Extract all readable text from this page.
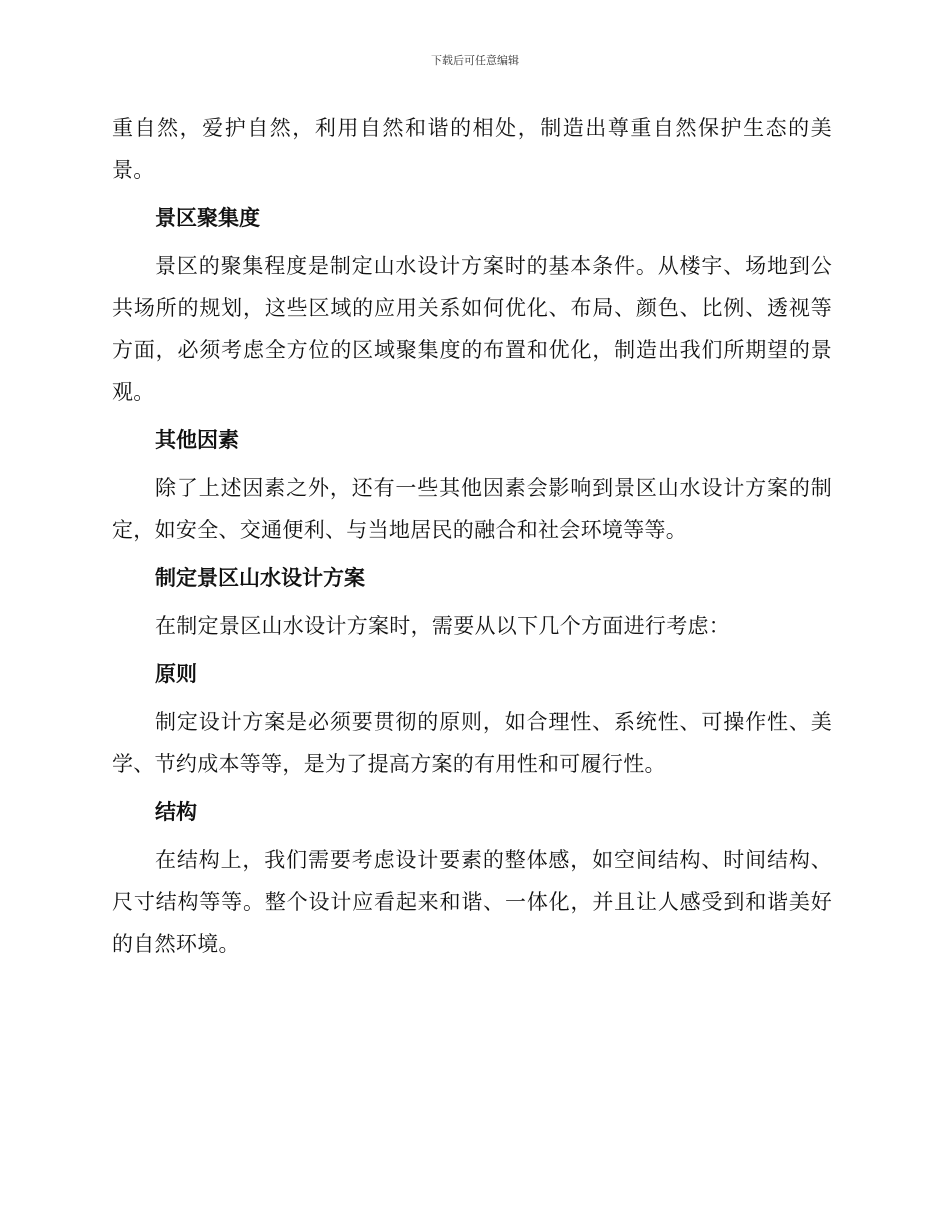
下载后可任意编辑

重自然，爱护自然，利用自然和谐的相处，制造出尊重自然保护生态的美景。

景区聚集度

景区的聚集程度是制定山水设计方案时的基本条件。从楼宇、场地到公共场所的规划，这些区域的应用关系如何优化、布局、颜色、比例、透视等方面，必须考虑全方位的区域聚集度的布置和优化，制造出我们所期望的景观。

其他因素

除了上述因素之外，还有一些其他因素会影响到景区山水设计方案的制定，如安全、交通便利、与当地居民的融合和社会环境等等。

制定景区山水设计方案

在制定景区山水设计方案时，需要从以下几个方面进行考虑：

原则

制定设计方案是必须要贯彻的原则，如合理性、系统性、可操作性、美学、节约成本等等，是为了提高方案的有用性和可履行性。

结构

在结构上，我们需要考虑设计要素的整体感，如空间结构、时间结构、尺寸结构等等。整个设计应看起来和谐、一体化，并且让人感受到和谐美好的自然环境。
